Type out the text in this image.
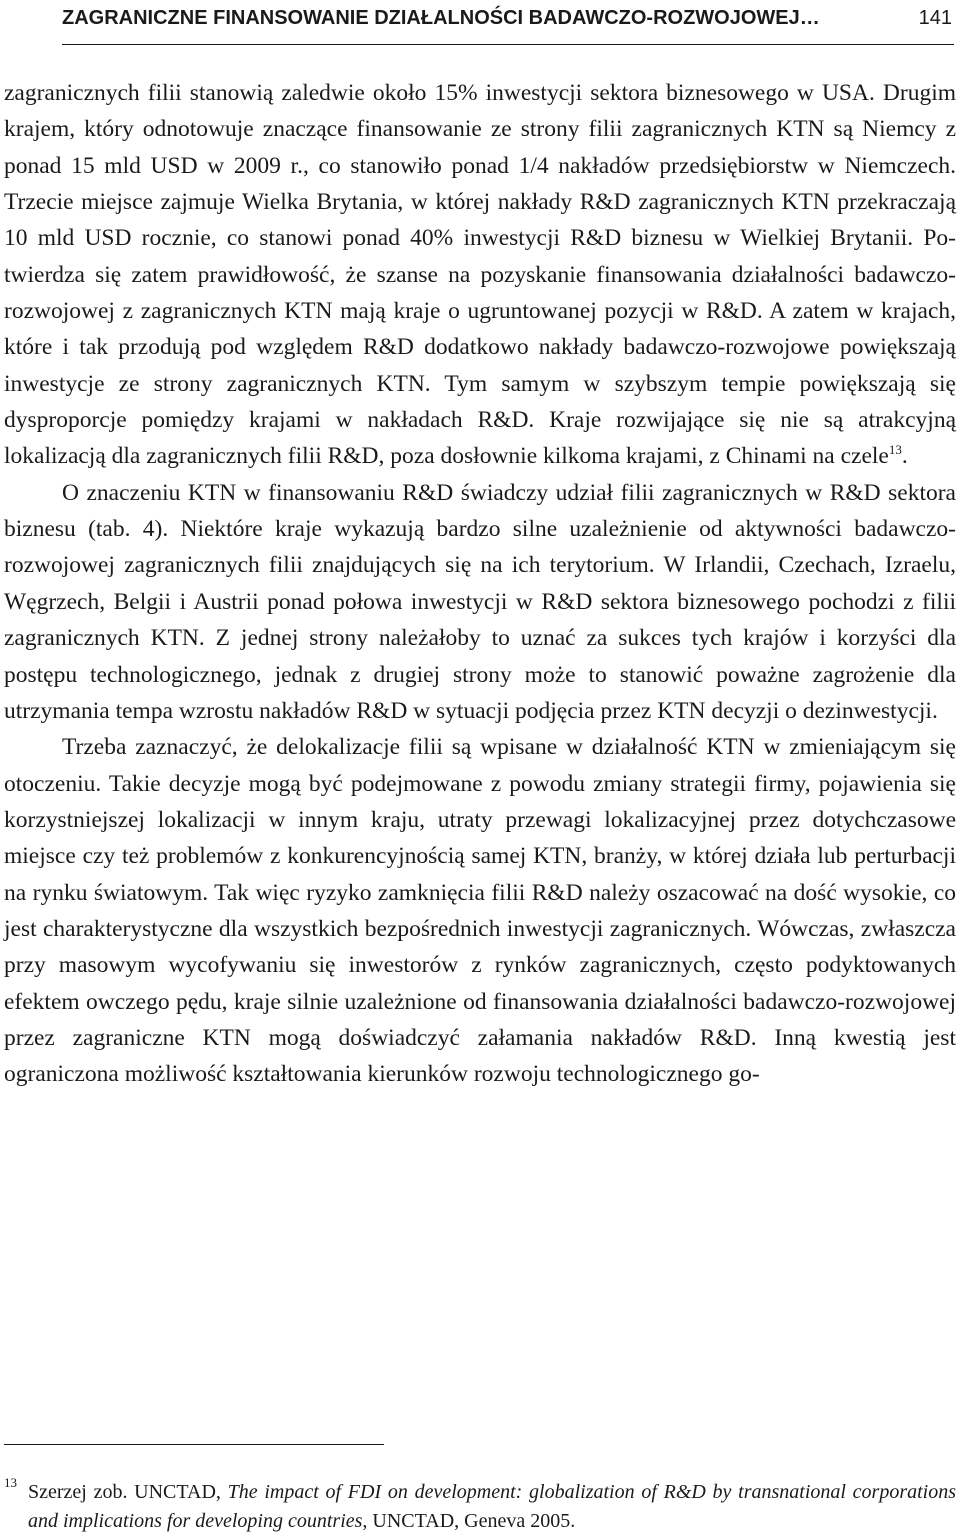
ZAGRANICZNE FINANSOWANIE DZIAŁALNOŚCI BADAWCZO-ROZWOJOWEJ…	141

zagranicznych filii stanowią zaledwie około 15% inwestycji sektora biznesowego w USA. Drugim krajem, który odnotowuje znaczące finansowanie ze strony filii zagranicznych KTN są Niemcy z ponad 15 mld USD w 2009 r., co stanowiło ponad 1/4 nakładów przedsiębiorstw w Niemczech. Trzecie miejsce zajmuje Wielka Brytania, w której nakłady R&D zagranicznych KTN przekraczają 10 mld USD rocznie, co stanowi ponad 40% inwestycji R&D biznesu w Wielkiej Brytanii. Potwierdza się zatem prawidłowość, że szanse na pozyskanie finansowania działalności badawczo-rozwojowej z zagranicznych KTN mają kraje o ugruntowanej pozycji w R&D. A zatem w krajach, które i tak przodują pod względem R&D dodatkowo nakłady badawczo-rozwojowe powiększają inwestycje ze strony zagranicznych KTN. Tym samym w szybszym tempie powiększają się dysproporcje pomiędzy krajami w nakładach R&D. Kraje rozwijające się nie są atrakcyjną lokalizacją dla zagranicznych filii R&D, poza dosłownie kilkoma krajami, z Chinami na czele$^{13}$.

O znaczeniu KTN w finansowaniu R&D świadczy udział filii zagranicznych w R&D sektora biznesu (tab. 4). Niektóre kraje wykazują bardzo silne uzależnienie od aktywności badawczo-rozwojowej zagranicznych filii znajdujących się na ich terytorium. W Irlandii, Czechach, Izraelu, Węgrzech, Belgii i Austrii ponad połowa inwestycji w R&D sektora biznesowego pochodzi z filii zagranicznych KTN. Z jednej strony należałoby to uznać za sukces tych krajów i korzyści dla postępu technologicznego, jednak z drugiej strony może to stanowić poważne zagrożenie dla utrzymania tempa wzrostu nakładów R&D w sytuacji podjęcia przez KTN decyzji o dezinwestycji.

Trzeba zaznaczyć, że delokalizacje filii są wpisane w działalność KTN w zmieniającym się otoczeniu. Takie decyzje mogą być podejmowane z powodu zmiany strategii firmy, pojawienia się korzystniejszej lokalizacji w innym kraju, utraty przewagi lokalizacyjnej przez dotychczasowe miejsce czy też problemów z konkurencyjnością samej KTN, branży, w której działa lub perturbacji na rynku światowym. Tak więc ryzyko zamknięcia filii R&D należy oszacować na dość wysokie, co jest charakterystyczne dla wszystkich bezpośrednich inwestycji zagranicznych. Wówczas, zwłaszcza przy masowym wycofywaniu się inwestorów z rynków zagranicznych, często podyktowanych efektem owczego pędu, kraje silnie uzależnione od finansowania działalności badawczo-rozwojowej przez zagraniczne KTN mogą doświadczyć załamania nakładów R&D. Inną kwestią jest ograniczona możliwość kształtowania kierunków rozwoju technologicznego go-

13 Szerzej zob. UNCTAD, The impact of FDI on development: globalization of R&D by transnational corporations and implications for developing countries, UNCTAD, Geneva 2005.
